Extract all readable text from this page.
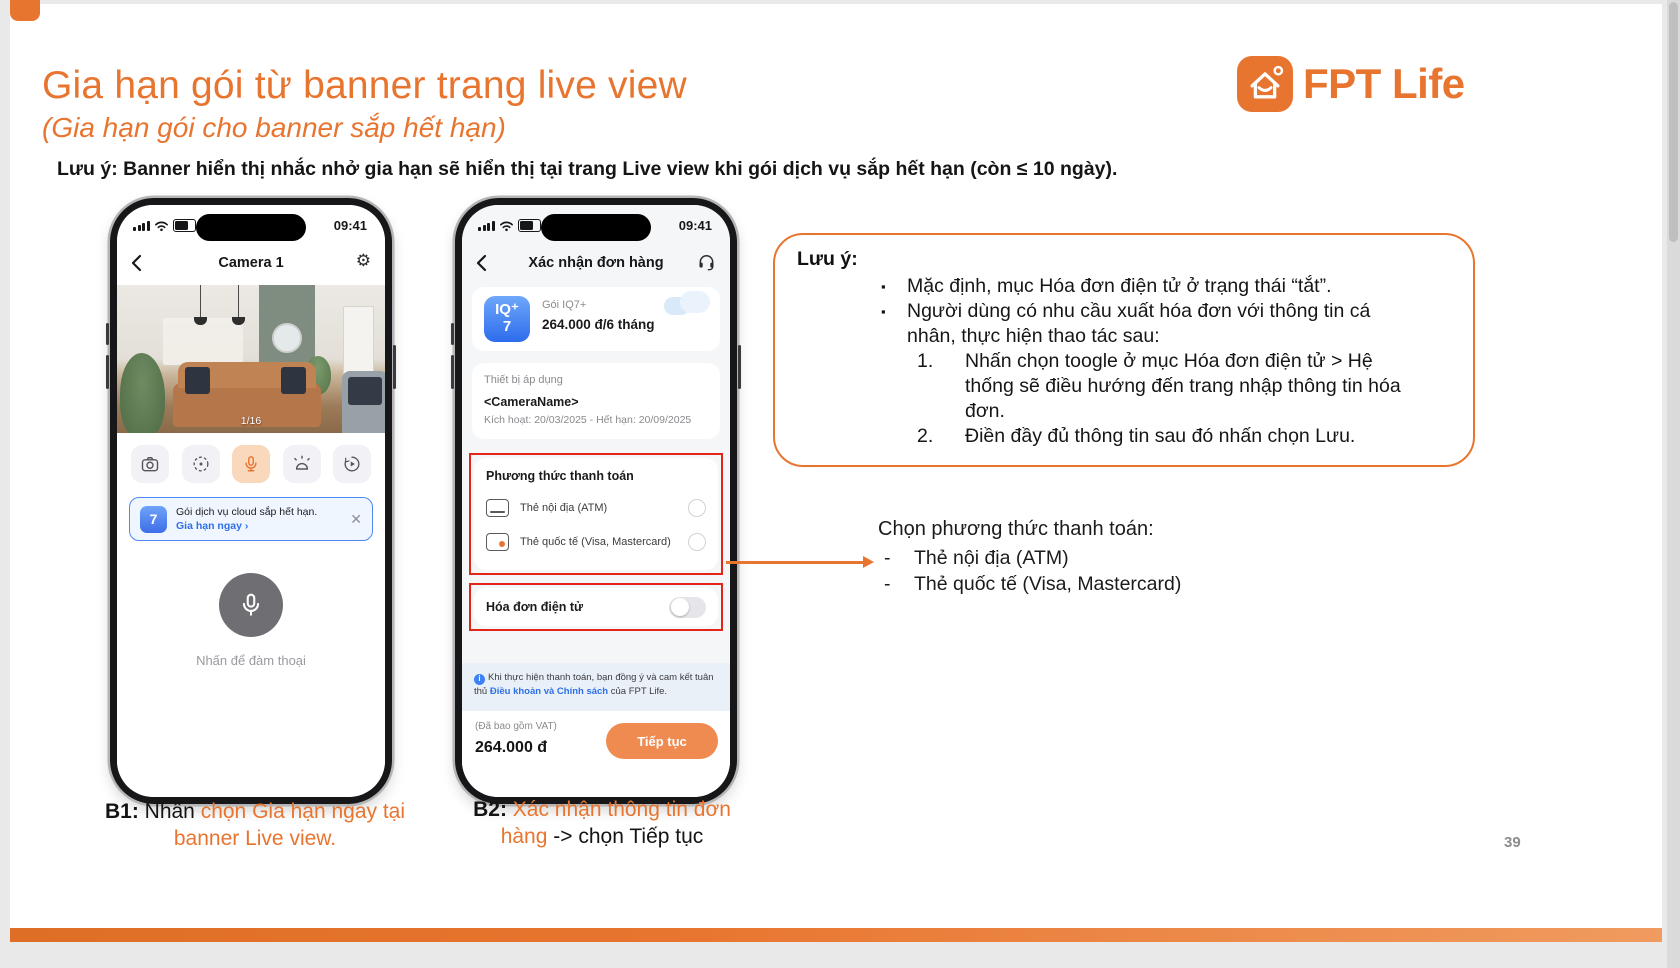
Gia hạn gói từ banner trang live view
(Gia hạn gói cho banner sắp hết hạn)
FPT Life
Lưu ý: Banner hiển thị nhắc nhở gia hạn sẽ hiển thị tại trang Live view khi gói dịch vụ sắp hết hạn (còn ≤ 10 ngày).
09:41
Camera 1	⚙
1/16
7	Gói dịch vụ cloud sắp hết hạn.
Gia hạn ngay ›	✕
Nhấn để đàm thoại
09:41
Xác nhận đơn hàng
IQ⁺
7
Gói IQ7+
264.000 đ/6 tháng
Thiết bị áp dụng
<CameraName>
Kích hoạt: 20/03/2025 - Hết hạn: 20/09/2025
Phương thức thanh toán
Thẻ nội địa (ATM)
Thẻ quốc tế (Visa, Mastercard)
Hóa đơn điện tử
i Khi thực hiện thanh toán, bạn đồng ý và cam kết tuân thủ Điều khoản và Chính sách của FPT Life.
(Đã bao gồm VAT)
264.000 đ	Tiếp tục
Lưu ý:
▪ Mặc định, mục Hóa đơn điện tử ở trạng thái “tắt”.
▪ Người dùng có nhu cầu xuất hóa đơn với thông tin cá nhân, thực hiện thao tác sau:
Nhấn chọn toogle ở mục Hóa đơn điện tử > Hệ thống sẽ điều hướng đến trang nhập thông tin hóa đơn.
Điền đầy đủ thông tin sau đó nhấn chọn Lưu.
Chọn phương thức thanh toán:
- Thẻ nội địa (ATM)
- Thẻ quốc tế (Visa, Mastercard)
B1: Nhấn chọn Gia hạn ngay tại banner Live view.
B2: Xác nhận thông tin đơn hàng -> chọn Tiếp tục	39
